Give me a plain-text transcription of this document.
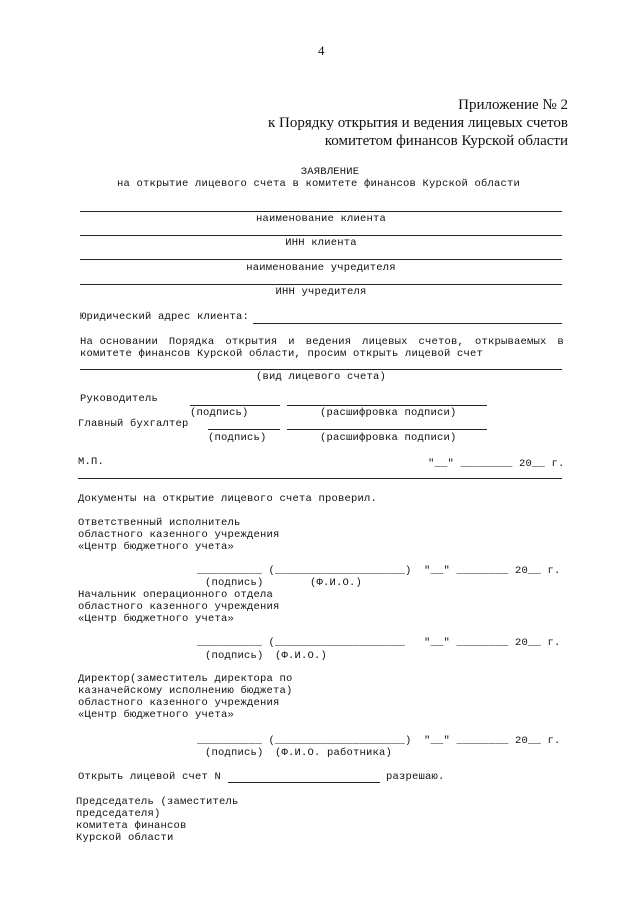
4
Приложение № 2
к Порядку открытия и ведения лицевых счетов
комитетом финансов Курской области
ЗАЯВЛЕНИЕ
на открытие лицевого счета в комитете финансов Курской области
наименование клиента
ИНН клиента
наименование учредителя
ИНН учредителя
Юридический адрес клиента:
На основании Порядка открытия и ведения лицевых счетов, открываемых в
комитете финансов Курской области, просим открыть лицевой счет
(вид лицевого счета)
Руководитель
(подпись)	(расшифровка подписи)
Главный бухгалтер
(подпись)	(расшифровка подписи)
М.П.	"__" ________ 20__ г.
Документы на открытие лицевого счета проверил.
Ответственный исполнитель
областного казенного учреждения
«Центр бюджетного учета»
__________ (____________________) "__" ________ 20__ г.
(подпись)	(Ф.И.О.)
Начальник операционного отдела
областного казенного учреждения
«Центр бюджетного учета»
__________ (____________________ "__" ________ 20__ г.
(подпись) (Ф.И.О.)
Директор(заместитель директора по
казначейскому исполнению бюджета)
областного казенного учреждения
«Центр бюджетного учета»
__________ (____________________) "__" ________ 20__ г.
(подпись) (Ф.И.О. работника)
Открыть лицевой счет N	разрешаю.
Председатель (заместитель
председателя)
комитета финансов
Курской области
